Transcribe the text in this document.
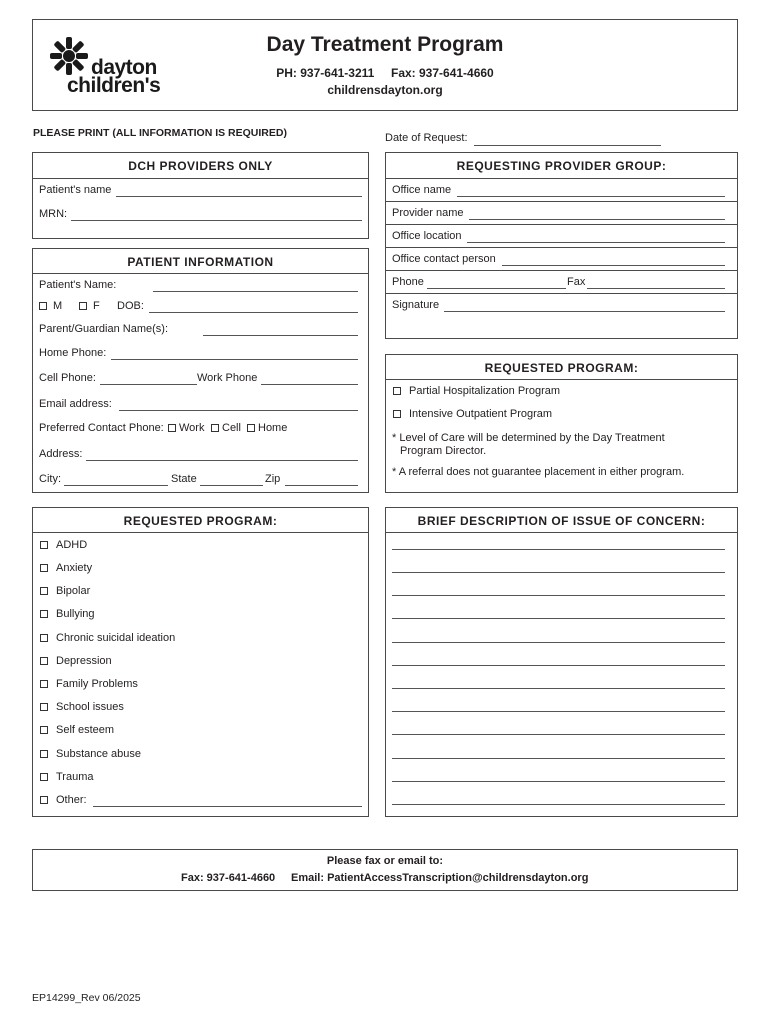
dayton
children's
Day Treatment Program
PH: 937-641-3211     Fax: 937-641-4660
childrensdayton.org
PLEASE PRINT (ALL INFORMATION IS REQUIRED)	Date of Request:
DCH PROVIDERS ONLY
Patient's name
MRN:
REQUESTING PROVIDER GROUP:
Office name
Provider name
Office location
Office contact person
Phone	Fax
Signature
PATIENT INFORMATION
Patient's Name:
M	F DOB:
Parent/Guardian Name(s):
Home Phone:
Cell Phone:	Work Phone
Email address:
Preferred Contact Phone:	Work	Cell	Home
Address:
City:	State	Zip
REQUESTED PROGRAM:
Partial Hospitalization Program
Intensive Outpatient Program
* Level of Care will be determined by the Day Treatment
Program Director.
* A referral does not guarantee placement in either program.
REQUESTED PROGRAM:
ADHD
Anxiety
Bipolar
Bullying
Chronic suicidal ideation
Depression
Family Problems
School issues
Self esteem
Substance abuse
Trauma
Other:
BRIEF DESCRIPTION OF ISSUE OF CONCERN:
Please fax or email to:
Fax: 937-641-4660 Email: PatientAccessTranscription@childrensdayton.org
EP14299_Rev 06/2025
